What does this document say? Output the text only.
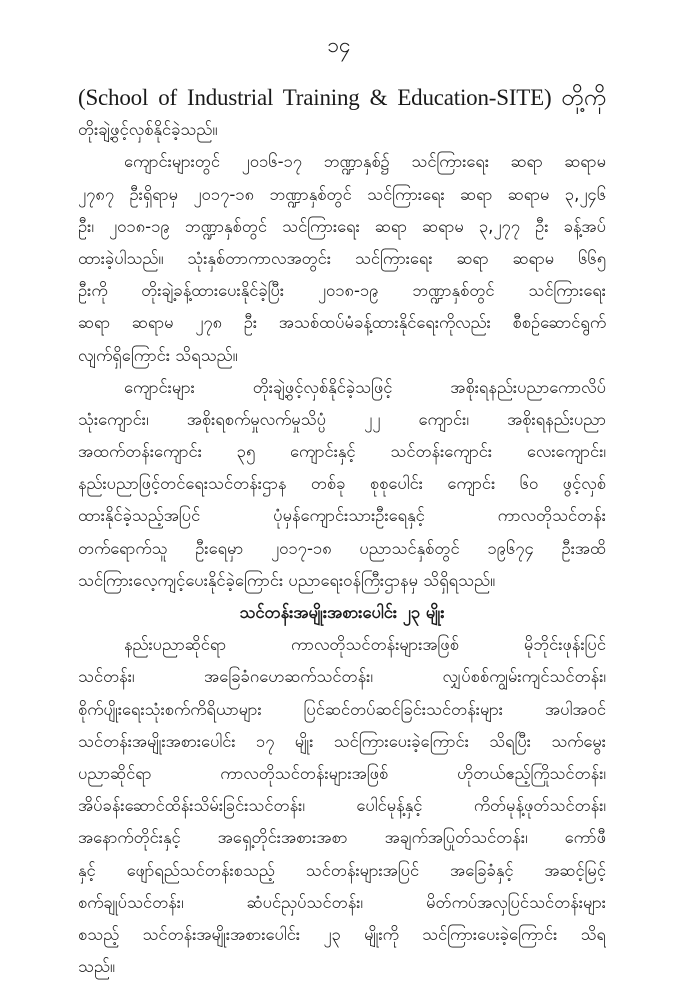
၁၄
(School of Industrial Training & Education-SITE) တို့ကို
တိုးချဲ့ဖွင့်လှစ်နိုင်ခဲ့သည်။
ကျောင်းများတွင် ၂၀၁၆-၁၇ ဘဏ္ဍာနှစ်၌ သင်ကြားရေး ဆရာ ဆရာမ
၂၇၈၇ ဦးရှိရာမှ ၂၀၁၇-၁၈ ဘဏ္ဍာနှစ်တွင် သင်ကြားရေး ဆရာ ဆရာမ ၃,၂၄၆
ဦး၊ ၂၀၁၈-၁၉ ဘဏ္ဍာနှစ်တွင် သင်ကြားရေး ဆရာ ဆရာမ ၃,၂၇၇ ဦး ခန့်အပ်
ထားခဲ့ပါသည်။ သုံးနှစ်တာကာလအတွင်း သင်ကြားရေး ဆရာ ဆရာမ ၆၆၅
ဦးကို တိုးချဲ့ခန့်ထားပေးနိုင်ခဲ့ပြီး ၂၀၁၈-၁၉ ဘဏ္ဍာနှစ်တွင် သင်ကြားရေး
ဆရာ ဆရာမ ၂၇၈ ဦး အသစ်ထပ်မံခန့်ထားနိုင်ရေးကိုလည်း စီစဉ်ဆောင်ရွက်
လျက်ရှိကြောင်း သိရသည်။
ကျောင်းများ တိုးချဲ့ဖွင့်လှစ်နိုင်ခဲ့သဖြင့် အစိုးရနည်းပညာကောလိပ်
သုံးကျောင်း၊ အစိုးရစက်မှုလက်မှုသိပ္ပံ ၂၂ ကျောင်း၊ အစိုးရနည်းပညာ
အထက်တန်းကျောင်း ၃၅ ကျောင်းနှင့် သင်တန်းကျောင်း လေးကျောင်း၊
နည်းပညာဖြင့်တင်ရေးသင်တန်းဌာန တစ်ခု စုစုပေါင်း ကျောင်း ၆၀ ဖွင့်လှစ်
ထားနိုင်ခဲ့သည့်အပြင် ပုံမှန်ကျောင်းသားဦးရေနှင့် ကာလတိုသင်တန်း
တက်ရောက်သူ ဦးရေမှာ ၂၀၁၇-၁၈ ပညာသင်နှစ်တွင် ၁၉၆၇၄ ဦးအထိ
သင်ကြားလေ့ကျင့်ပေးနိုင်ခဲ့ကြောင်း ပညာရေးဝန်ကြီးဌာနမှ သိရှိရသည်။
သင်တန်းအမျိုးအစားပေါင်း ၂၃ မျိုး
နည်းပညာဆိုင်ရာ ကာလတိုသင်တန်းများအဖြစ် မိုဘိုင်းဖုန်းပြင်
သင်တန်း၊ အခြေခံဂဟေဆက်သင်တန်း၊ လျှပ်စစ်ကျွမ်းကျင်သင်တန်း၊
စိုက်ပျိုးရေးသုံးစက်ကိရိယာများ ပြင်ဆင်တပ်ဆင်ခြင်းသင်တန်းများ အပါအဝင်
သင်တန်းအမျိုးအစားပေါင်း ၁၇ မျိုး သင်ကြားပေးခဲ့ကြောင်း သိရပြီး သက်မွေး
ပညာဆိုင်ရာ ကာလတိုသင်တန်းများအဖြစ် ဟိုတယ်ဧည့်ကြိုသင်တန်း၊
အိပ်ခန်းဆောင်ထိန်းသိမ်းခြင်းသင်တန်း၊ ပေါင်မုန့်နှင့် ကိတ်မုန့်ဖုတ်သင်တန်း၊
အနောက်တိုင်းနှင့် အရှေ့တိုင်းအစားအစာ အချက်အပြုတ်သင်တန်း၊ ကော်ဖီ
နှင့် ဖျော်ရည်သင်တန်းစသည့် သင်တန်းများအပြင် အခြေခံနှင့် အဆင့်မြင့်
စက်ချုပ်သင်တန်း၊ ဆံပင်ညှပ်သင်တန်း၊ မိတ်ကပ်အလှပြင်သင်တန်းများ
စသည့် သင်တန်းအမျိုးအစားပေါင်း ၂၃ မျိုးကို သင်ကြားပေးခဲ့ကြောင်း သိရ
သည်။
